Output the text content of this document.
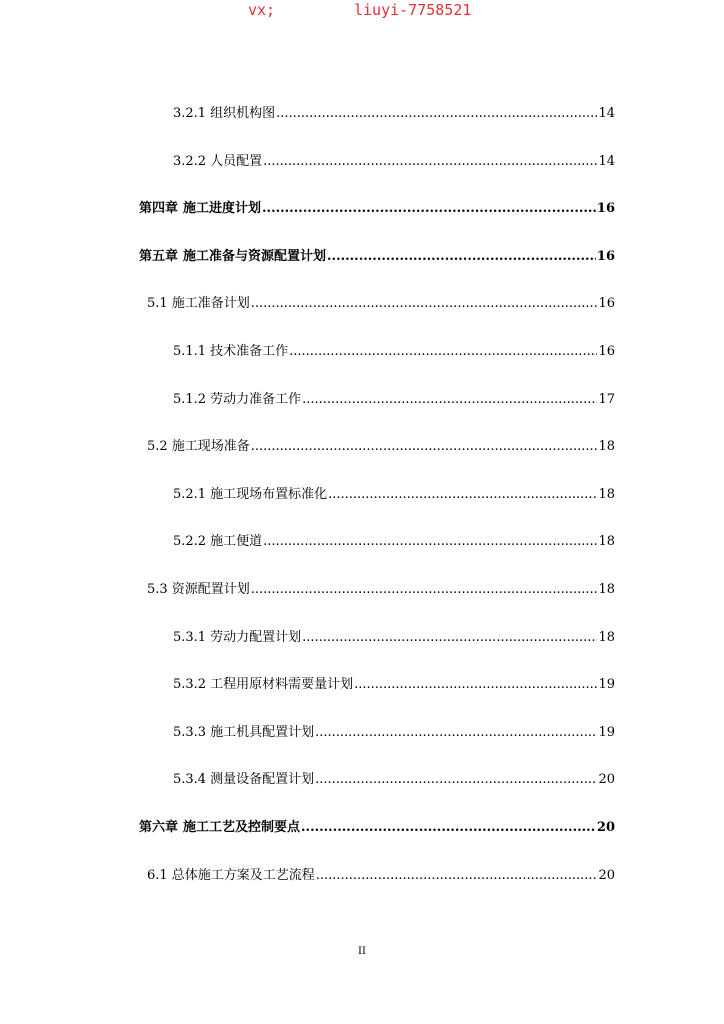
vx;	liuyi-7758521
3.2.1 组织机构图 .....	14
3.2.2 人员配置 .....	14
第四章 施工进度计划 .....	16
第五章 施工准备与资源配置计划 .....	16
5.1 施工准备计划 .....	16
5.1.1 技术准备工作 .....	16
5.1.2 劳动力准备工作 .....	17
5.2 施工现场准备 .....	18
5.2.1 施工现场布置标准化 .....	18
5.2.2 施工便道 .....	18
5.3 资源配置计划 .....	18
5.3.1 劳动力配置计划 .....	18
5.3.2 工程用原材料需要量计划 .....	19
5.3.3 施工机具配置计划 .....	19
5.3.4 测量设备配置计划 .....	20
第六章 施工工艺及控制要点 .....	20
6.1 总体施工方案及工艺流程 .....	20
II
